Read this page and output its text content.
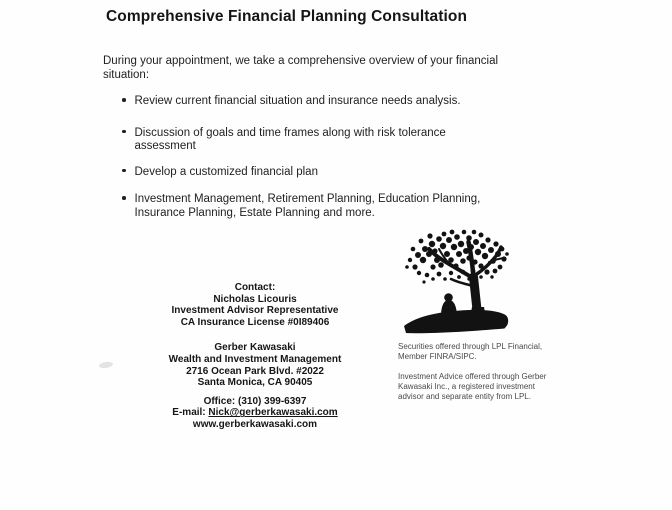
Comprehensive Financial Planning Consultation

During your appointment, we take a comprehensive overview of your financial situation:

Review current financial situation and insurance needs analysis.
Discussion of goals and time frames along with risk tolerance assessment
Develop a customized financial plan
Investment Management, Retirement Planning, Education Planning, Insurance Planning, Estate Planning and more.
Contact:
Nicholas Licouris
Investment Advisor Representative
CA Insurance License #0I89406
Gerber Kawasaki
Wealth and Investment Management
2716 Ocean Park Blvd. #2022
Santa Monica, CA 90405
Office: (310) 399-6397
E-mail: Nick@gerberkawasaki.com
www.gerberkawasaki.com

Securities offered through LPL Financial, Member FINRA/SIPC.

Investment Advice offered through Gerber Kawasaki Inc., a registered investment advisor and separate entity from LPL.
